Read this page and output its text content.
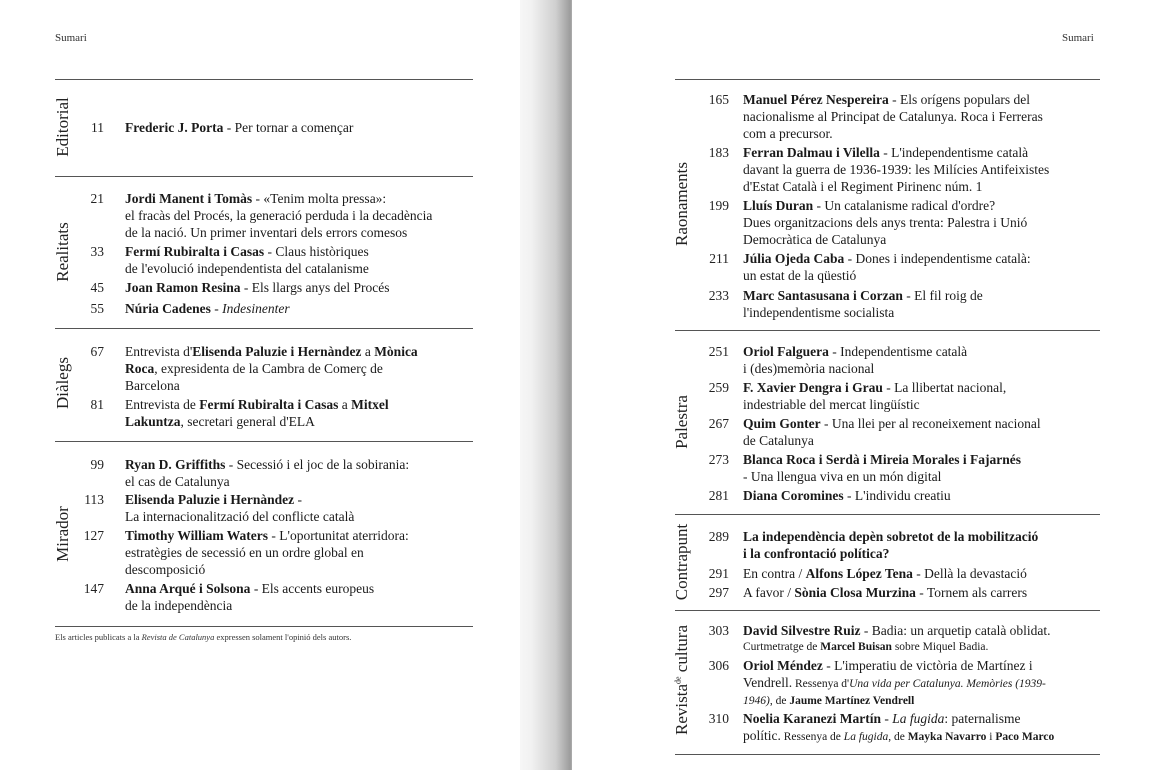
Sumari
Editorial	11 Frederic J. Porta - Per tornar a començar
Realitats
21 Jordi Manent i Tomàs - «Tenim molta pressa»:
el fracàs del Procés, la generació perduda i la decadència
de la nació. Un primer inventari dels errors comesos
33 Fermí Rubiralta i Casas - Claus històriques
de l'evolució independentista del catalanisme
45 Joan Ramon Resina - Els llargs anys del Procés
55 Núria Cadenes - Indesinenter
Diàlegs
67 Entrevista d'Elisenda Paluzie i Hernàndez a Mònica
Roca, expresidenta de la Cambra de Comerç de
Barcelona
81 Entrevista de Fermí Rubiralta i Casas a Mitxel
Lakuntza, secretari general d'ELA
Mirador
99 Ryan D. Griffiths - Secessió i el joc de la sobirania:
el cas de Catalunya
113 Elisenda Paluzie i Hernàndez -
La internacionalització del conflicte català
127 Timothy William Waters - L'oportunitat aterridora:
estratègies de secessió en un ordre global en
descomposició
147 Anna Arqué i Solsona - Els accents europeus
de la independència
Els articles publicats a la Revista de Catalunya expressen solament l'opinió dels autors.
Sumari
Raonaments
165 Manuel Pérez Nespereira - Els orígens populars del
nacionalisme al Principat de Catalunya. Roca i Ferreras
com a precursor.
183 Ferran Dalmau i Vilella - L'independentisme català
davant la guerra de 1936-1939: les Milícies Antifeixistes
d'Estat Català i el Regiment Pirinenc núm. 1
199 Lluís Duran - Un catalanisme radical d'ordre?
Dues organitzacions dels anys trenta: Palestra i Unió
Democràtica de Catalunya
211 Júlia Ojeda Caba - Dones i independentisme català:
un estat de la qüestió
233 Marc Santasusana i Corzan - El fil roig de
l'independentisme socialista
Palestra
251 Oriol Falguera - Independentisme català
i (des)memòria nacional
259 F. Xavier Dengra i Grau - La llibertat nacional,
indestriable del mercat lingüístic
267 Quim Gonter - Una llei per al reconeixement nacional
de Catalunya
273 Blanca Roca i Serdà i Mireia Morales i Fajarnés
- Una llengua viva en un món digital
281 Diana Coromines - L'individu creatiu
Contrapunt	289 La independència depèn sobretot de la mobilització
i la confrontació política?
291 En contra / Alfons López Tena - Dellà la devastació
297 A favor / Sònia Closa Murzina - Tornem als carrers
Revista$^{de}$ cultura	303 David Silvestre Ruiz - Badia: un arquetip català oblidat.
Curtmetratge de Marcel Buisan sobre Miquel Badia.
306 Oriol Méndez - L'imperatiu de victòria de Martínez i
Vendrell. Ressenya d'Una vida per Catalunya. Memòries (1939-
1946), de Jaume Martínez Vendrell
310 Noelia Karanezi Martín - La fugida: paternalisme
polític. Ressenya de La fugida, de Mayka Navarro i Paco Marco
